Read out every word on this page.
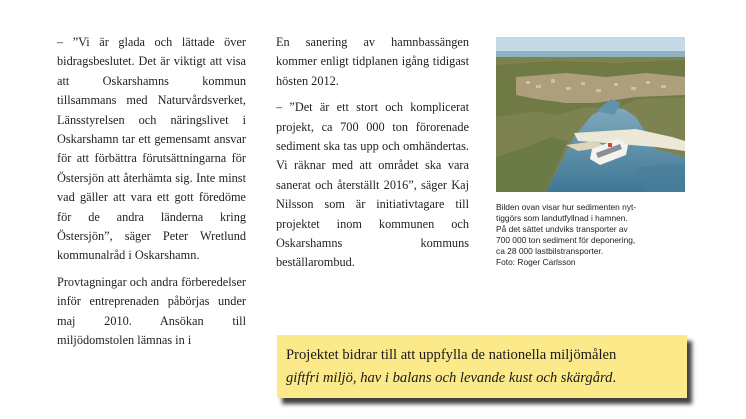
– ”Vi är glada och lättade över bidragsbeslutet. Det är viktigt att visa att Oskarshamns kommun tillsammans med Naturvårdsverket, Länsstyrelsen och näringslivet i Oskarshamn tar ett gemensamt ansvar för att förbättra förutsättningarna för Östersjön att återhämta sig. Inte minst vad gäller att vara ett gott föredöme för de andra länderna kring Östersjön”, säger Peter Wretlund kommunalråd i Oskarshamn.

Provtagningar och andra förberedelser inför entreprenaden påbörjas under maj 2010. Ansökan till miljödomstolen lämnas in i

En sanering av hamnbassängen kommer enligt tidplanen igång tidigast hösten 2012.

– ”Det är ett stort och komplicerat projekt, ca 700 000 ton förorenade sediment ska tas upp och omhändertas. Vi räknar med att området ska vara sanerat och återställt 2016”, säger Kaj Nilsson som är initiativtagare till projektet inom kommunen och Oskarshamns kommuns beställarombud.

Bilden ovan visar hur sedimenten nyt-
tiggörs som landutfyllnad i hamnen.
På det sättet undviks transporter av
700 000 ton sediment för deponering,
ca 28 000 lastbilstransporter.
Foto: Roger Carlsson
Projektet bidrar till att uppfylla de nationella miljömålen
giftfri miljö, hav i balans och levande kust och skärgård.
